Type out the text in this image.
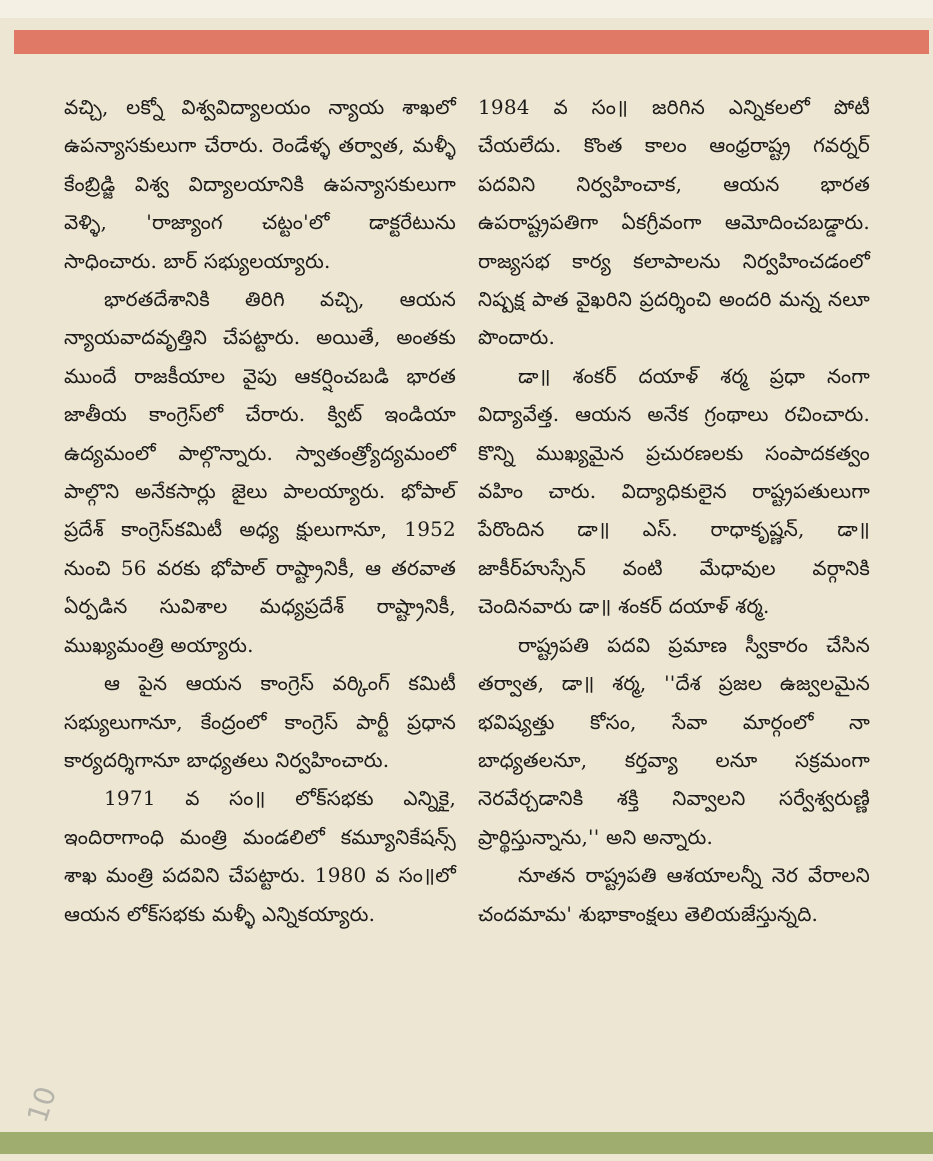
వచ్చి, లక్నో విశ్వవిద్యాలయం న్యాయ శాఖలో ఉపన్యాసకులుగా చేరారు. రెండేళ్ళ తర్వాత, మళ్ళీ కేంబ్రిడ్జి విశ్వ విద్యాలయానికి ఉపన్యాసకులుగా వెళ్ళి, 'రాజ్యాంగ చట్టం'లో డాక్టరేటును సాధించారు. బార్ సభ్యులయ్యారు.

భారతదేశానికి తిరిగి వచ్చి, ఆయన న్యాయవాదవృత్తిని చేపట్టారు. అయితే, అంతకు ముందే రాజకీయాల వైపు ఆకర్షించబడి భారత జాతీయ కాంగ్రెస్‌లో చేరారు. క్విట్ ఇండియా ఉద్యమంలో పాల్గొన్నారు. స్వాతంత్ర్యోద్యమంలో పాల్గొని అనేకసార్లు జైలు పాలయ్యారు. భోపాల్ ప్రదేశ్ కాంగ్రెస్‌కమిటీ అధ్య క్షులుగానూ, 1952 నుంచి 56 వరకు భోపాల్ రాష్ట్రానికీ, ఆ తరవాత ఏర్పడిన సువిశాల మధ్యప్రదేశ్ రాష్ట్రానికీ, ముఖ్యమంత్రి అయ్యారు.

ఆ పైన ఆయన కాంగ్రెస్ వర్కింగ్ కమిటీ సభ్యులుగానూ, కేంద్రంలో కాంగ్రెస్ పార్టీ ప్రధాన కార్యదర్శిగానూ బాధ్యతలు నిర్వహించారు.

1971 వ సం॥ లోక్‌సభకు ఎన్నికై, ఇందిరాగాంధి మంత్రి మండలిలో కమ్యూనికేషన్స్ శాఖ మంత్రి పదవిని చేపట్టారు. 1980 వ సం॥లో ఆయన లోక్‌సభకు మళ్ళీ ఎన్నికయ్యారు.

1984 వ సం॥ జరిగిన ఎన్నికలలో పోటీ చేయలేదు. కొంత కాలం ఆంధ్రరాష్ట్ర గవర్నర్ పదవిని నిర్వహించాక, ఆయన భారత ఉపరాష్ట్రపతిగా ఏకగ్రీవంగా ఆమోదించబడ్డారు. రాజ్యసభ కార్య కలాపాలను నిర్వహించడంలో నిష్పక్ష పాత వైఖరిని ప్రదర్శించి అందరి మన్న నలూ పొందారు.

డా॥ శంకర్ దయాళ్ శర్మ ప్రధా నంగా విద్యావేత్త. ఆయన అనేక గ్రంథాలు రచించారు. కొన్ని ముఖ్యమైన ప్రచురణలకు సంపాదకత్వం వహిం చారు. విద్యాధికులైన రాష్ట్రపతులుగా పేరొందిన డా॥ ఎస్. రాధాకృష్ణన్, డా॥ జాకీర్‌హుస్సేన్ వంటి మేధావుల వర్గానికి చెందినవారు డా॥ శంకర్ దయాళ్ శర్మ.

రాష్ట్రపతి పదవి ప్రమాణ స్వీకారం చేసిన తర్వాత, డా॥ శర్మ, ''దేశ ప్రజల ఉజ్వలమైన భవిష్యత్తు కోసం, సేవా మార్గంలో నా బాధ్యతలనూ, కర్తవ్యా లనూ సక్రమంగా నెరవేర్చడానికి శక్తి నివ్వాలని సర్వేశ్వరుణ్ణి ప్రార్థిస్తున్నాను,'' అని అన్నారు.

నూతన రాష్ట్రపతి ఆశయాలన్నీ నెర వేరాలని చందమామ' శుభాకాంక్షలు తెలియజేస్తున్నది.

10
